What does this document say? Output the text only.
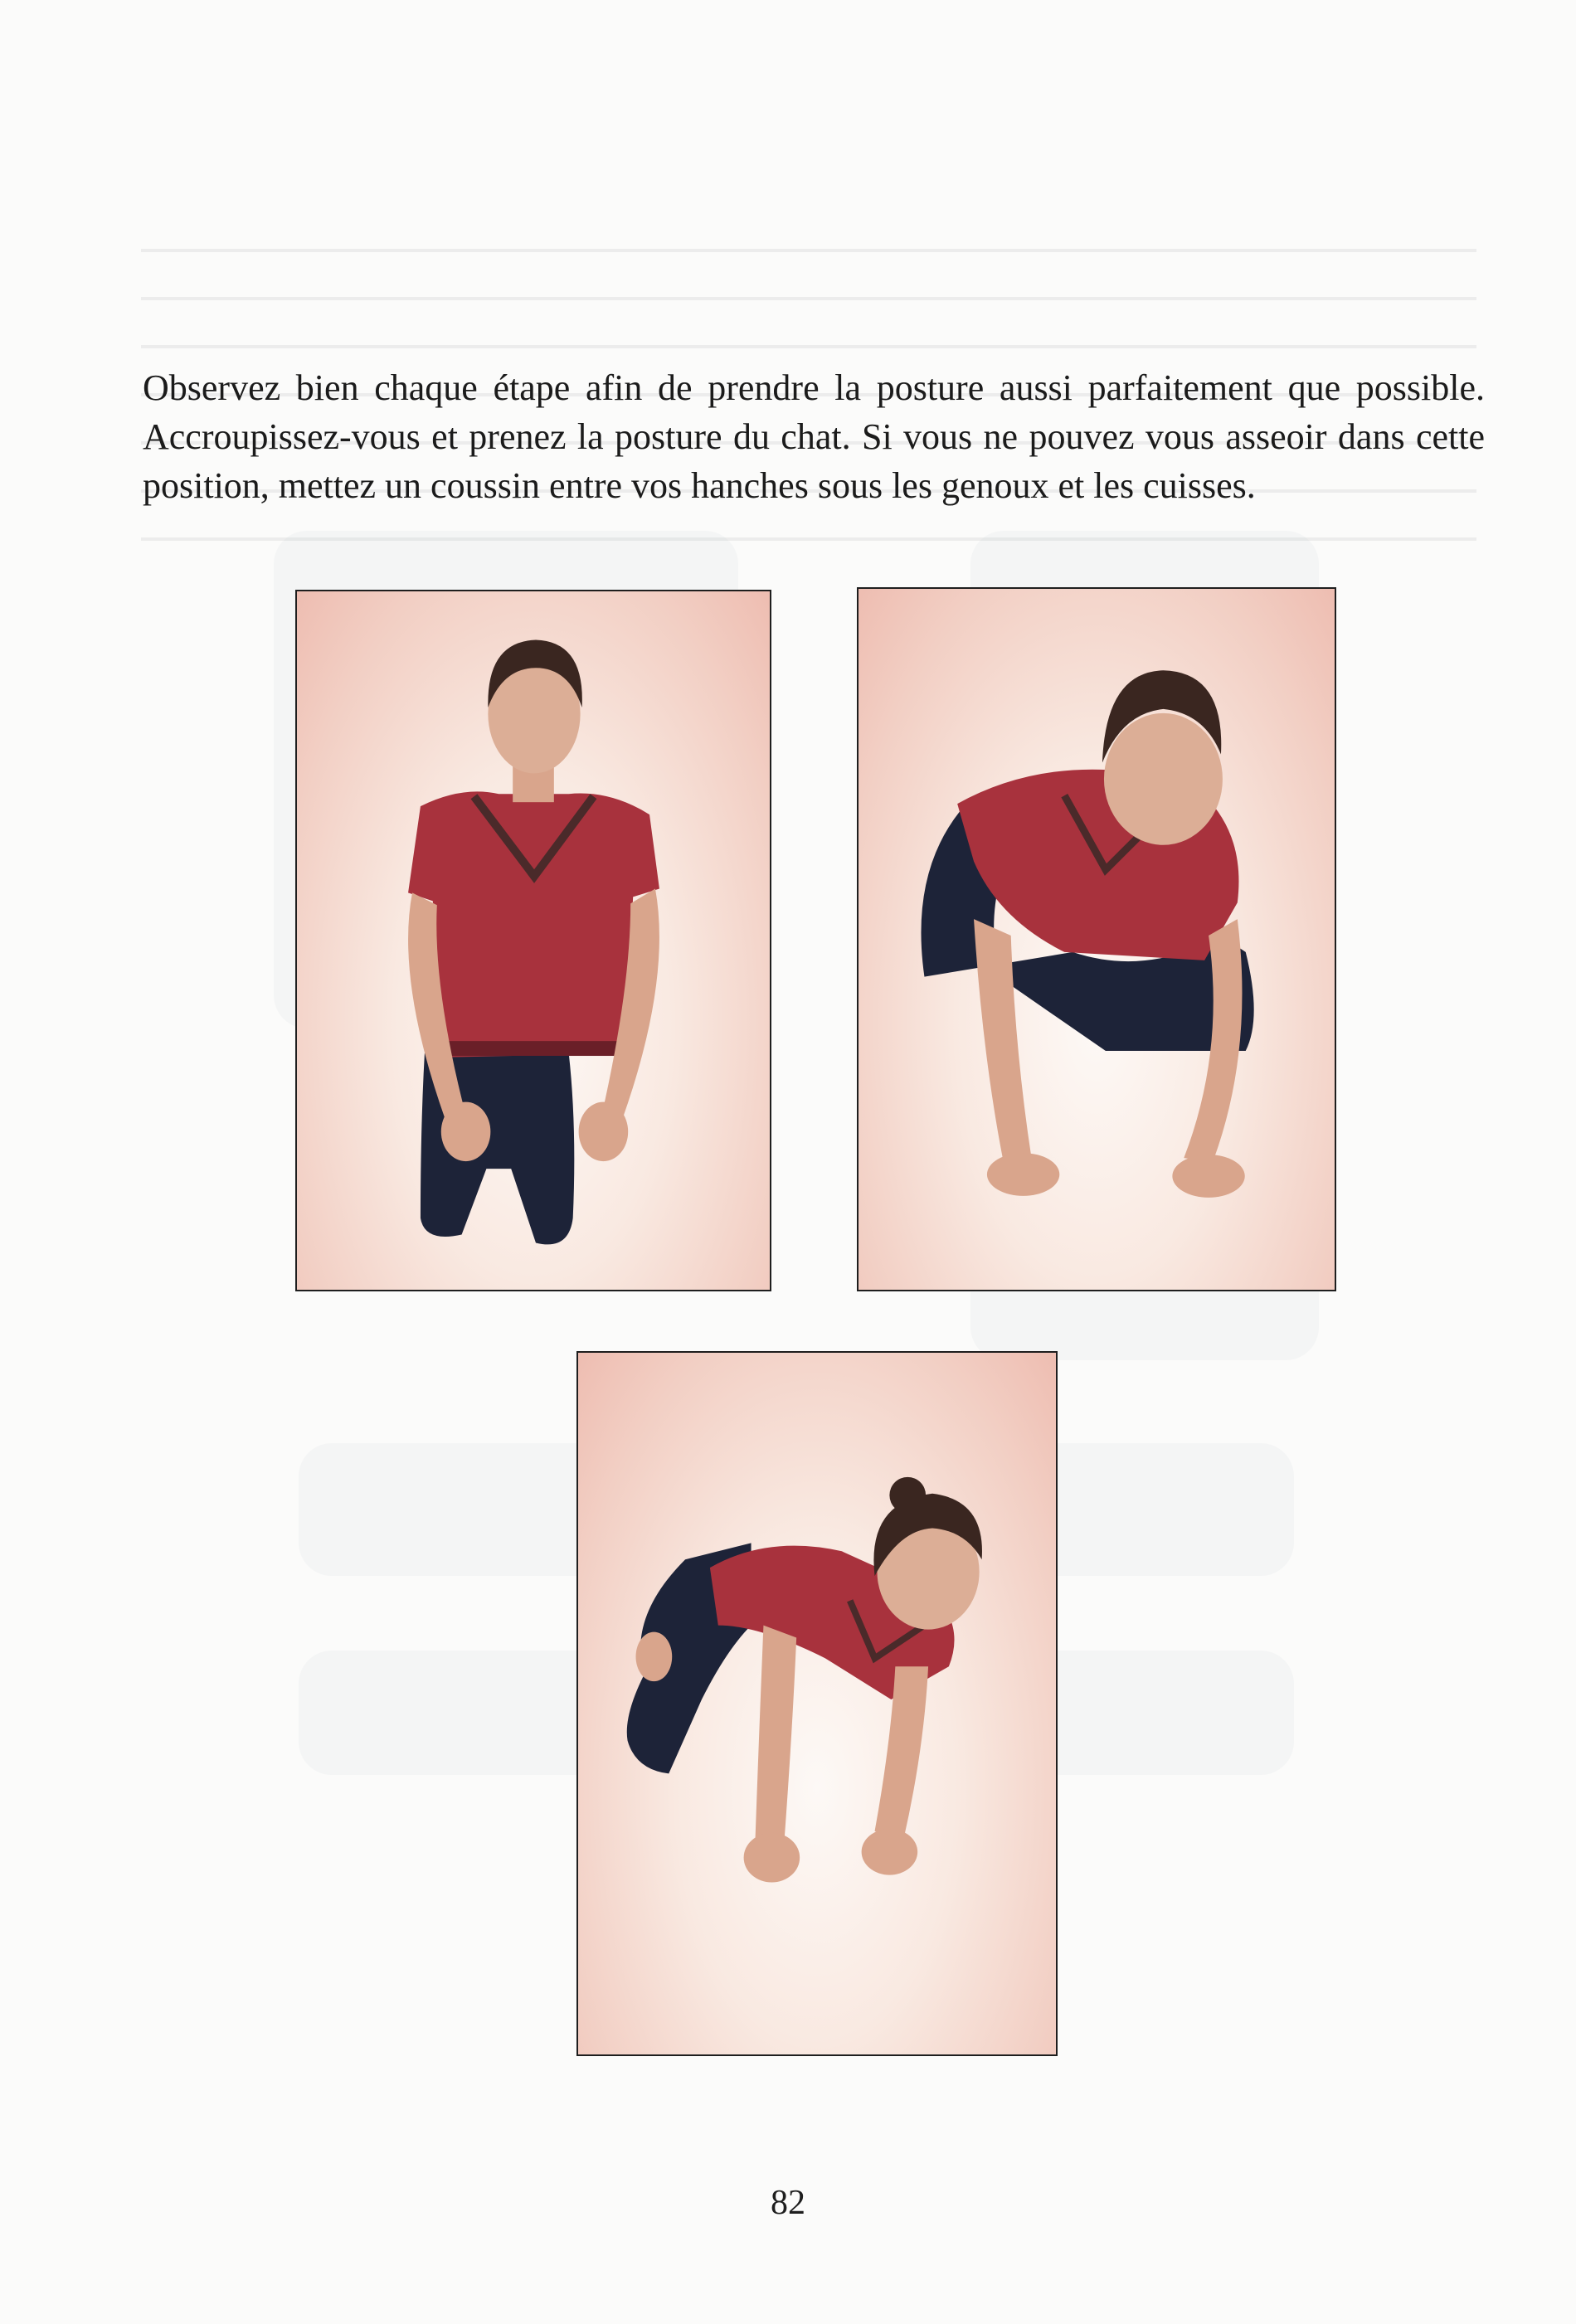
Observez bien chaque étape afin de prendre la posture aussi parfaitement que possible. Accroupissez-vous et prenez la posture du chat. Si vous ne pouvez vous asseoir dans cette position, mettez un coussin entre vos hanches sous les genoux et les cuisses.

82
